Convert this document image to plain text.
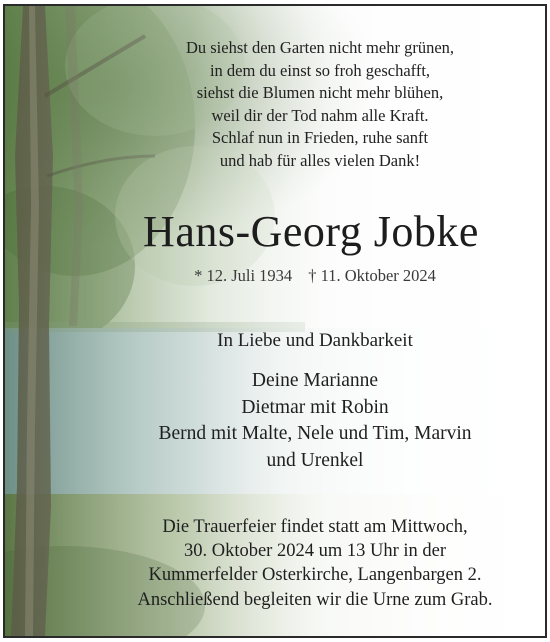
Du siehst den Garten nicht mehr grünen,
in dem du einst so froh geschafft,
siehst die Blumen nicht mehr blühen,
weil dir der Tod nahm alle Kraft.
Schlaf nun in Frieden, ruhe sanft
und hab für alles vielen Dank!
Hans-Georg Jobke
* 12. Juli 1934 † 11. Oktober 2024
In Liebe und Dankbarkeit
Deine Marianne
Dietmar mit Robin
Bernd mit Malte, Nele und Tim, Marvin
und Urenkel
Die Trauerfeier findet statt am Mittwoch,
30. Oktober 2024 um 13 Uhr in der
Kummerfelder Osterkirche, Langenbargen 2.
Anschließend begleiten wir die Urne zum Grab.
